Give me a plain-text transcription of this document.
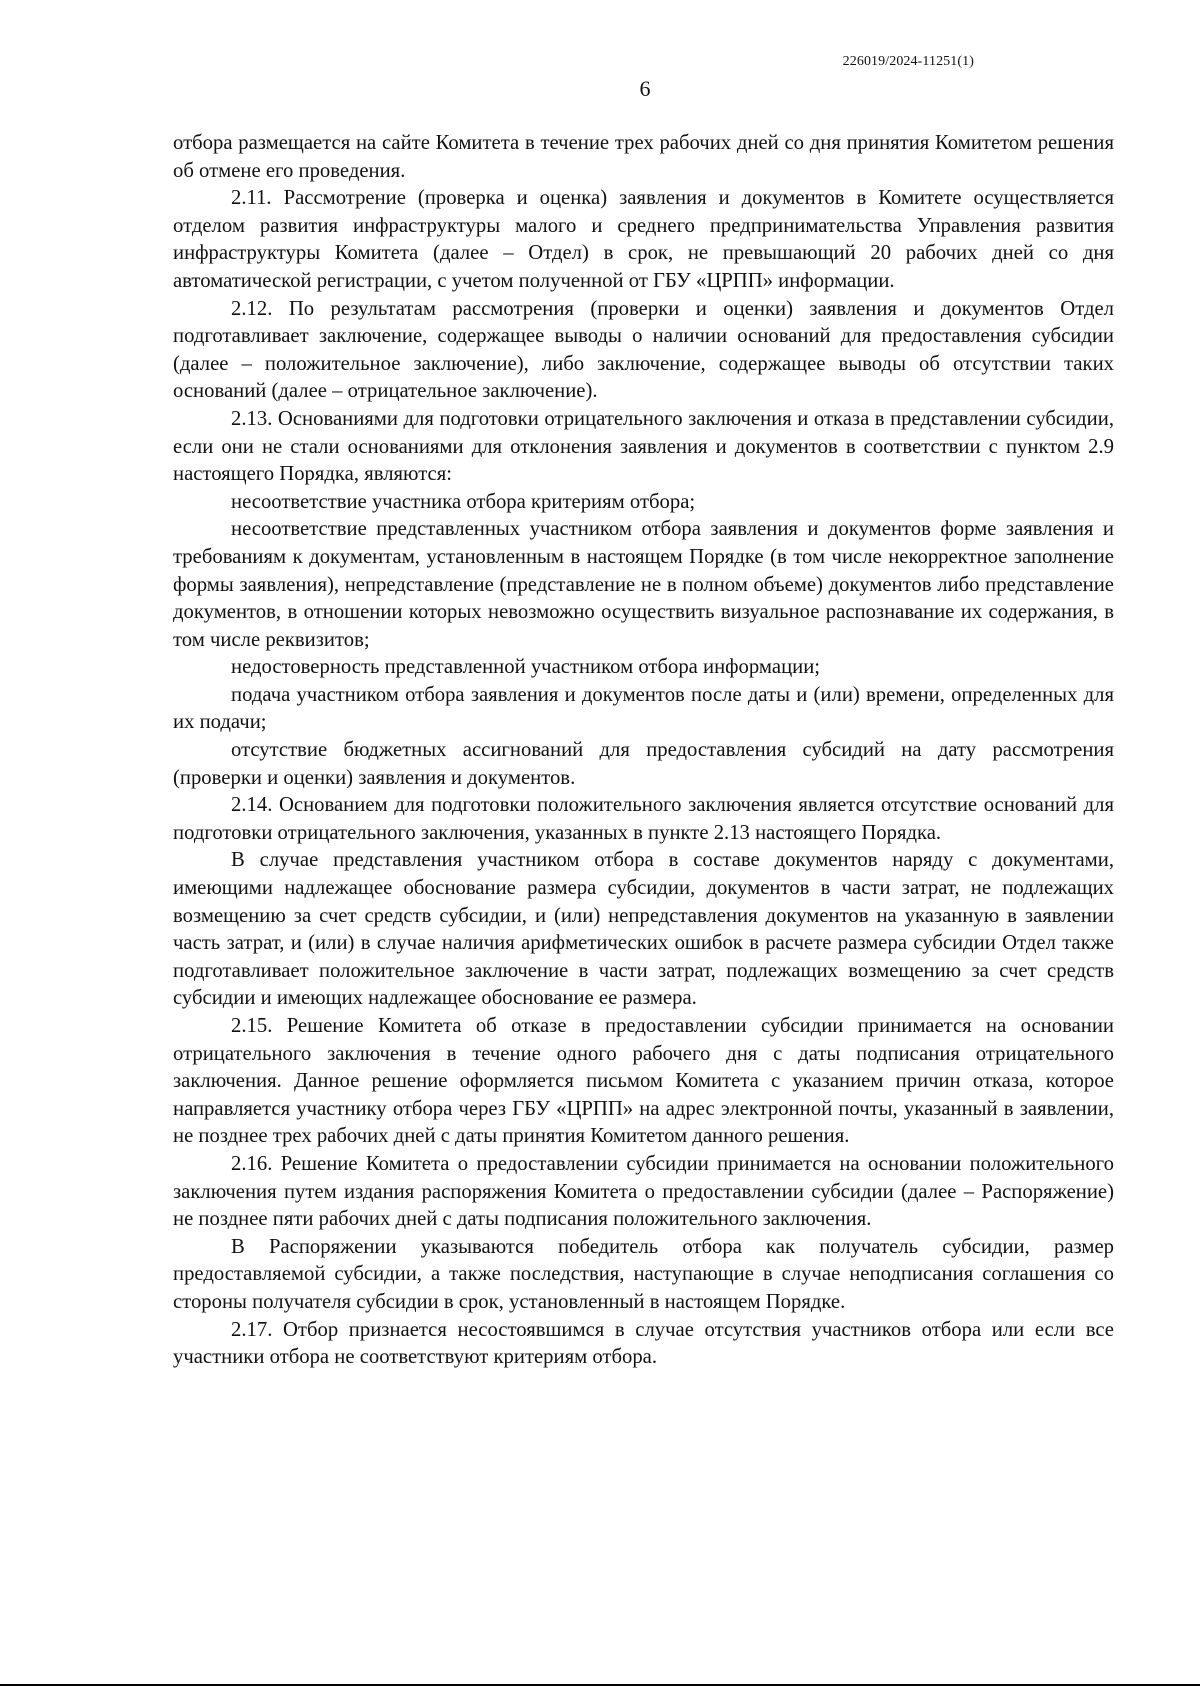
226019/2024-11251(1)
6

отбора размещается на сайте Комитета в течение трех рабочих дней со дня принятия Комитетом решения об отмене его проведения.

2.11. Рассмотрение (проверка и оценка) заявления и документов в Комитете осуществляется отделом развития инфраструктуры малого и среднего предпринимательства Управления развития инфраструктуры Комитета (далее – Отдел) в срок, не превышающий 20 рабочих дней со дня автоматической регистрации, с учетом полученной от ГБУ «ЦРПП» информации.

2.12. По результатам рассмотрения (проверки и оценки) заявления и документов Отдел подготавливает заключение, содержащее выводы о наличии оснований для предоставления субсидии (далее – положительное заключение), либо заключение, содержащее выводы об отсутствии таких оснований (далее – отрицательное заключение).

2.13. Основаниями для подготовки отрицательного заключения и отказа в представлении субсидии, если они не стали основаниями для отклонения заявления и документов в соответствии с пунктом 2.9 настоящего Порядка, являются:

несоответствие участника отбора критериям отбора;

несоответствие представленных участником отбора заявления и документов форме заявления и требованиям к документам, установленным в настоящем Порядке (в том числе некорректное заполнение формы заявления), непредставление (представление не в полном объеме) документов либо представление документов, в отношении которых невозможно осуществить визуальное распознавание их содержания, в том числе реквизитов;

недостоверность представленной участником отбора информации;

подача участником отбора заявления и документов после даты и (или) времени, определенных для их подачи;

отсутствие бюджетных ассигнований для предоставления субсидий на дату рассмотрения (проверки и оценки) заявления и документов.

2.14. Основанием для подготовки положительного заключения является отсутствие оснований для подготовки отрицательного заключения, указанных в пункте 2.13 настоящего Порядка.

В случае представления участником отбора в составе документов наряду с документами, имеющими надлежащее обоснование размера субсидии, документов в части затрат, не подлежащих возмещению за счет средств субсидии, и (или) непредставления документов на указанную в заявлении часть затрат, и (или) в случае наличия арифметических ошибок в расчете размера субсидии Отдел также подготавливает положительное заключение в части затрат, подлежащих возмещению за счет средств субсидии и имеющих надлежащее обоснование ее размера.

2.15. Решение Комитета об отказе в предоставлении субсидии принимается на основании отрицательного заключения в течение одного рабочего дня с даты подписания отрицательного заключения. Данное решение оформляется письмом Комитета с указанием причин отказа, которое направляется участнику отбора через ГБУ «ЦРПП» на адрес электронной почты, указанный в заявлении, не позднее трех рабочих дней с даты принятия Комитетом данного решения.

2.16. Решение Комитета о предоставлении субсидии принимается на основании положительного заключения путем издания распоряжения Комитета о предоставлении субсидии (далее – Распоряжение) не позднее пяти рабочих дней с даты подписания положительного заключения.

В Распоряжении указываются победитель отбора как получатель субсидии, размер предоставляемой субсидии, а также последствия, наступающие в случае неподписания соглашения со стороны получателя субсидии в срок, установленный в настоящем Порядке.

2.17. Отбор признается несостоявшимся в случае отсутствия участников отбора или если все участники отбора не соответствуют критериям отбора.
